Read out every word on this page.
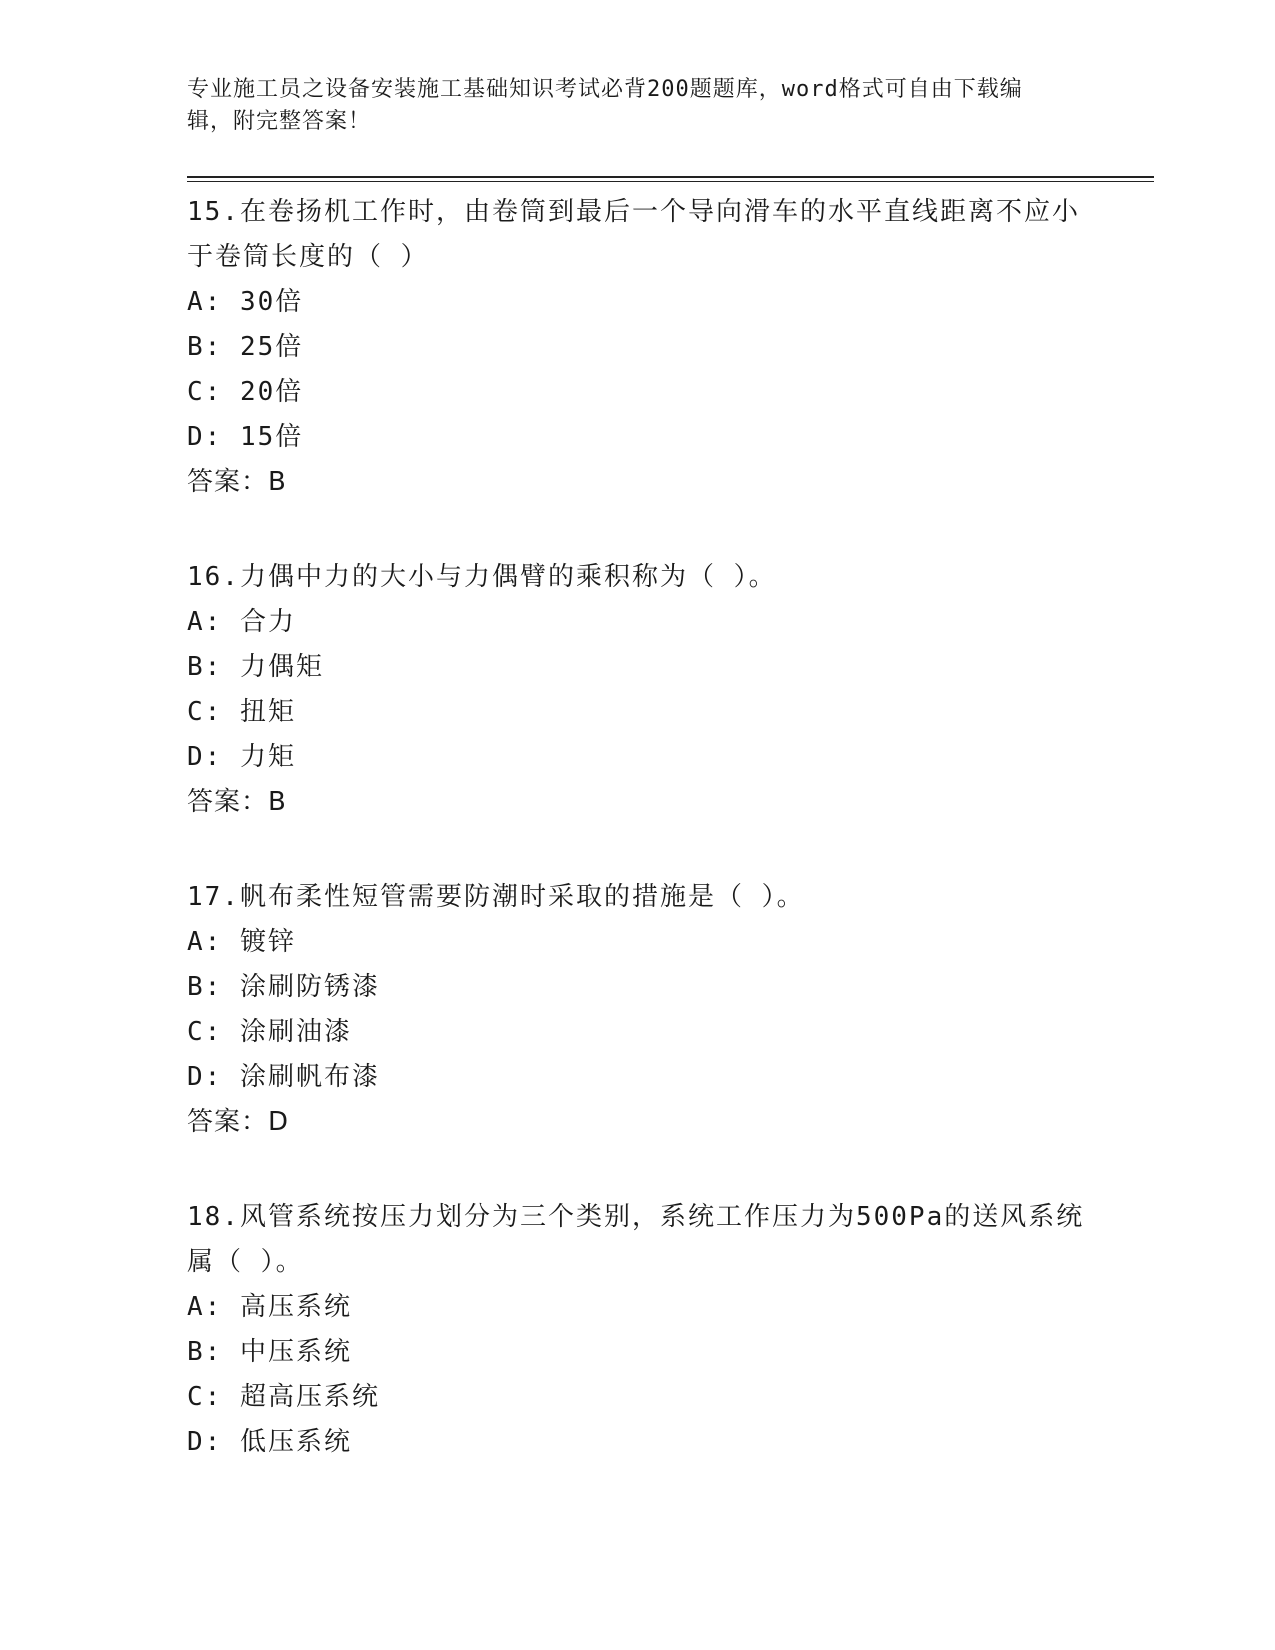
专业施工员之设备安装施工基础知识考试必背200题题库，word格式可自由下载编辑，附完整答案！

15.在卷扬机工作时，由卷筒到最后一个导向滑车的水平直线距离不应小于卷筒长度的（ ）

A: 30倍

B: 25倍

C: 20倍

D: 15倍

答案：B

16.力偶中力的大小与力偶臂的乘积称为（ ）。

A: 合力

B: 力偶矩

C: 扭矩

D: 力矩

答案：B

17.帆布柔性短管需要防潮时采取的措施是（ ）。

A: 镀锌

B: 涂刷防锈漆

C: 涂刷油漆

D: 涂刷帆布漆

答案：D

18.风管系统按压力划分为三个类别，系统工作压力为500Pa的送风系统属（ ）。

A: 高压系统

B: 中压系统

C: 超高压系统

D: 低压系统
